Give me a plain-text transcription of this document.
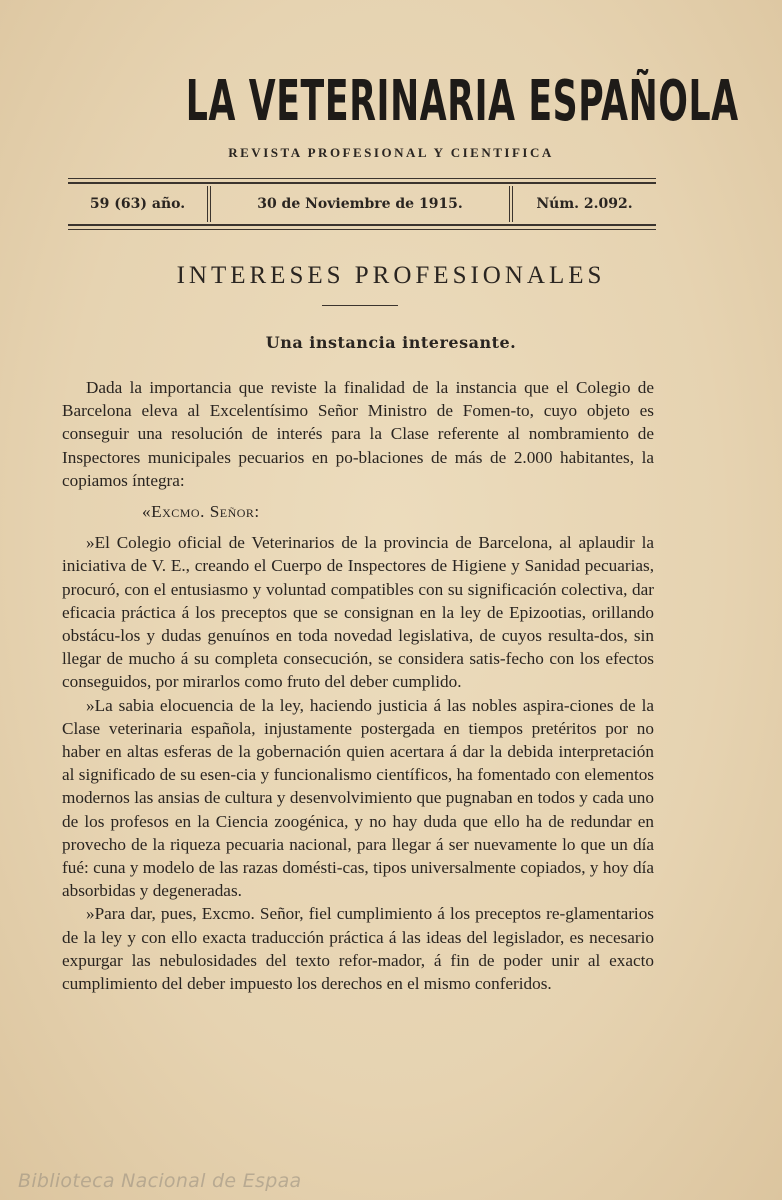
LA VETERINARIA ESPAÑOLA
REVISTA PROFESIONAL Y CIENTIFICA
59 (63) año.	30 de Noviembre de 1915.	Núm. 2.092.
INTERESES PROFESIONALES
Una instancia interesante.

Dada la importancia que reviste la finalidad de la instancia que el Colegio de Barcelona eleva al Excelentísimo Señor Ministro de Fomen-to, cuyo objeto es conseguir una resolución de interés para la Clase referente al nombramiento de Inspectores municipales pecuarios en po-blaciones de más de 2.000 habitantes, la copiamos íntegra:

«Excmo. Señor:

»El Colegio oficial de Veterinarios de la provincia de Barcelona, al aplaudir la iniciativa de V. E., creando el Cuerpo de Inspectores de Higiene y Sanidad pecuarias, procuró, con el entusiasmo y voluntad compatibles con su significación colectiva, dar eficacia práctica á los preceptos que se consignan en la ley de Epizootias, orillando obstácu-los y dudas genuínos en toda novedad legislativa, de cuyos resulta-dos, sin llegar de mucho á su completa consecución, se considera satis-fecho con los efectos conseguidos, por mirarlos como fruto del deber cumplido.

»La sabia elocuencia de la ley, haciendo justicia á las nobles aspira-ciones de la Clase veterinaria española, injustamente postergada en tiempos pretéritos por no haber en altas esferas de la gobernación quien acertara á dar la debida interpretación al significado de su esen-cia y funcionalismo científicos, ha fomentado con elementos modernos las ansias de cultura y desenvolvimiento que pugnaban en todos y cada uno de los profesos en la Ciencia zoogénica, y no hay duda que ello ha de redundar en provecho de la riqueza pecuaria nacional, para llegar á ser nuevamente lo que un día fué: cuna y modelo de las razas domésti-cas, tipos universalmente copiados, y hoy día absorbidas y degeneradas.

»Para dar, pues, Excmo. Señor, fiel cumplimiento á los preceptos re-glamentarios de la ley y con ello exacta traducción práctica á las ideas del legislador, es necesario expurgar las nebulosidades del texto refor-mador, á fin de poder unir al exacto cumplimiento del deber impuesto los derechos en el mismo conferidos.

Biblioteca Nacional de Espaa
